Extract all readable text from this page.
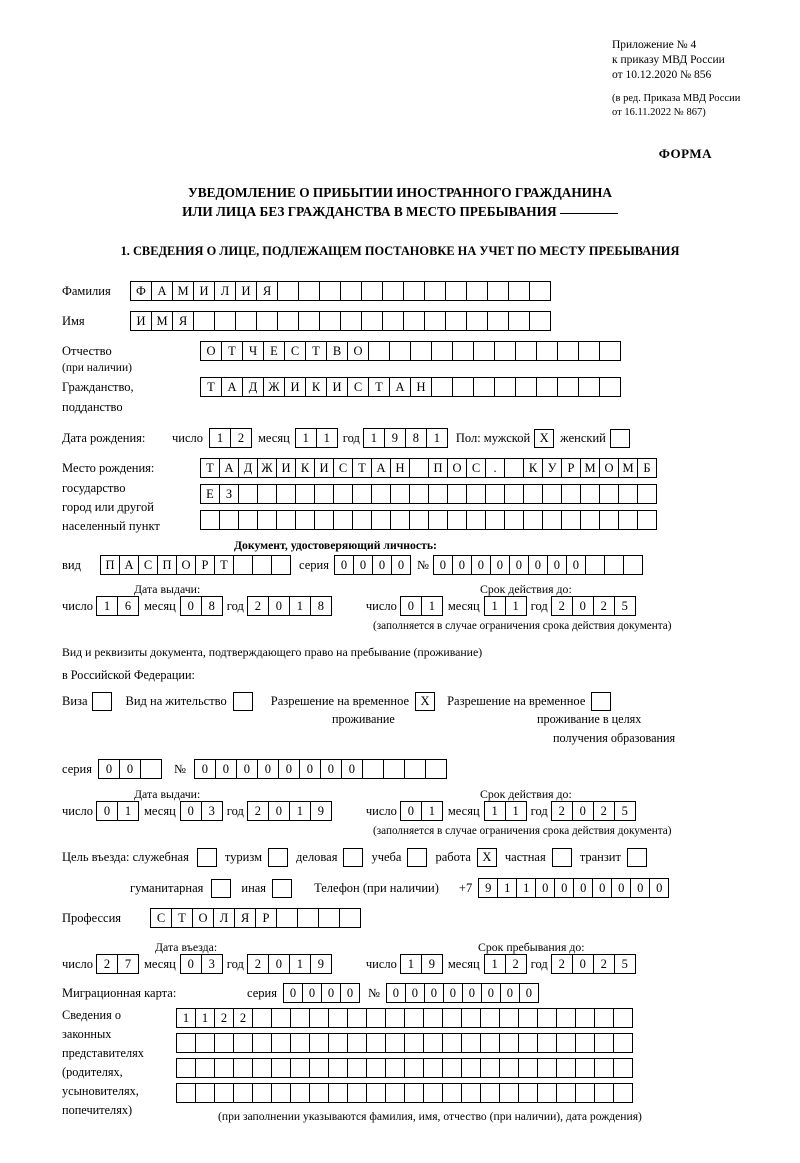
Приложение № 4
к приказу МВД России
от 10.12.2020 № 856
(в ред. Приказа МВД России
от 16.11.2022 № 867)
ФОРМА
УВЕДОМЛЕНИЕ О ПРИБЫТИИ ИНОСТРАННОГО ГРАЖДАНИНА
ИЛИ ЛИЦА БЕЗ ГРАЖДАНСТВА В МЕСТО ПРЕБЫВАНИЯ
1. СВЕДЕНИЯ О ЛИЦЕ, ПОДЛЕЖАЩЕМ ПОСТАНОВКЕ НА УЧЕТ ПО МЕСТУ ПРЕБЫВАНИЯ
Фамилия	Ф А М И Л И Я
Имя	И М Я
Отчество	О	Т	Ч	Е	С	Т	В О
(при наличии)
Гражданство,	Т	А Д Ж И К И С	Т	А Н
подданство
Дата рождения:	число	1	2	месяц	1	1	год 1	9	8	1	Пол: мужской X женский
Место рождения:	Т А Д Ж И К И С Т А Н	П О С	.	К У Р М О М Б
государство	Е З
город или другой
населенный пункт
Документ, удостоверяющий личность:
вид	П А С П О Р Т	серия 0	0	0	0	№ 0	0	0	0	0	0	0	0
Дата выдачи:	Срок действия до:
число 1	6	месяц 0	8 год 2	0	1	8	число 0	1	месяц 1	1 год 2	0	2	5
(заполняется в случае ограничения срока действия документа)
Вид и реквизиты документа, подтверждающего право на пребывание (проживание)
в Российской Федерации:
Виза	Вид на жительство	Разрешение на временное X	Разрешение на временное
проживание	проживание в целях
получения образования
серия	0	0	№	0	0	0	0	0	0	0	0
Дата выдачи:	Срок действия до:
число 0	1	месяц 0	3 год 2	0	1	9	число 0	1	месяц 1	1 год 2	0	2	5
(заполняется в случае ограничения срока действия документа)
Цель въезда: служебная	туризм	деловая	учеба	работа X	частная	транзит
гуманитарная	иная	Телефон (при наличии) +7	9	1	1	0	0	0	0	0	0	0
Профессия	С	Т	О Л	Я	Р
Дата въезда:	Срок пребывания до:
число 2	7	месяц 0	3 год 2	0	1	9	число 1	9	месяц 1	2 год 2	0	2	5
Миграционная карта:	серия	0	0	0	0	№	0	0	0	0	0	0	0	0
Сведения о
законных
представителях
(родителях,
усыновителях,
попечителях)
1	1	2	2
(при заполнении указываются фамилия, имя, отчество (при наличии), дата рождения)
